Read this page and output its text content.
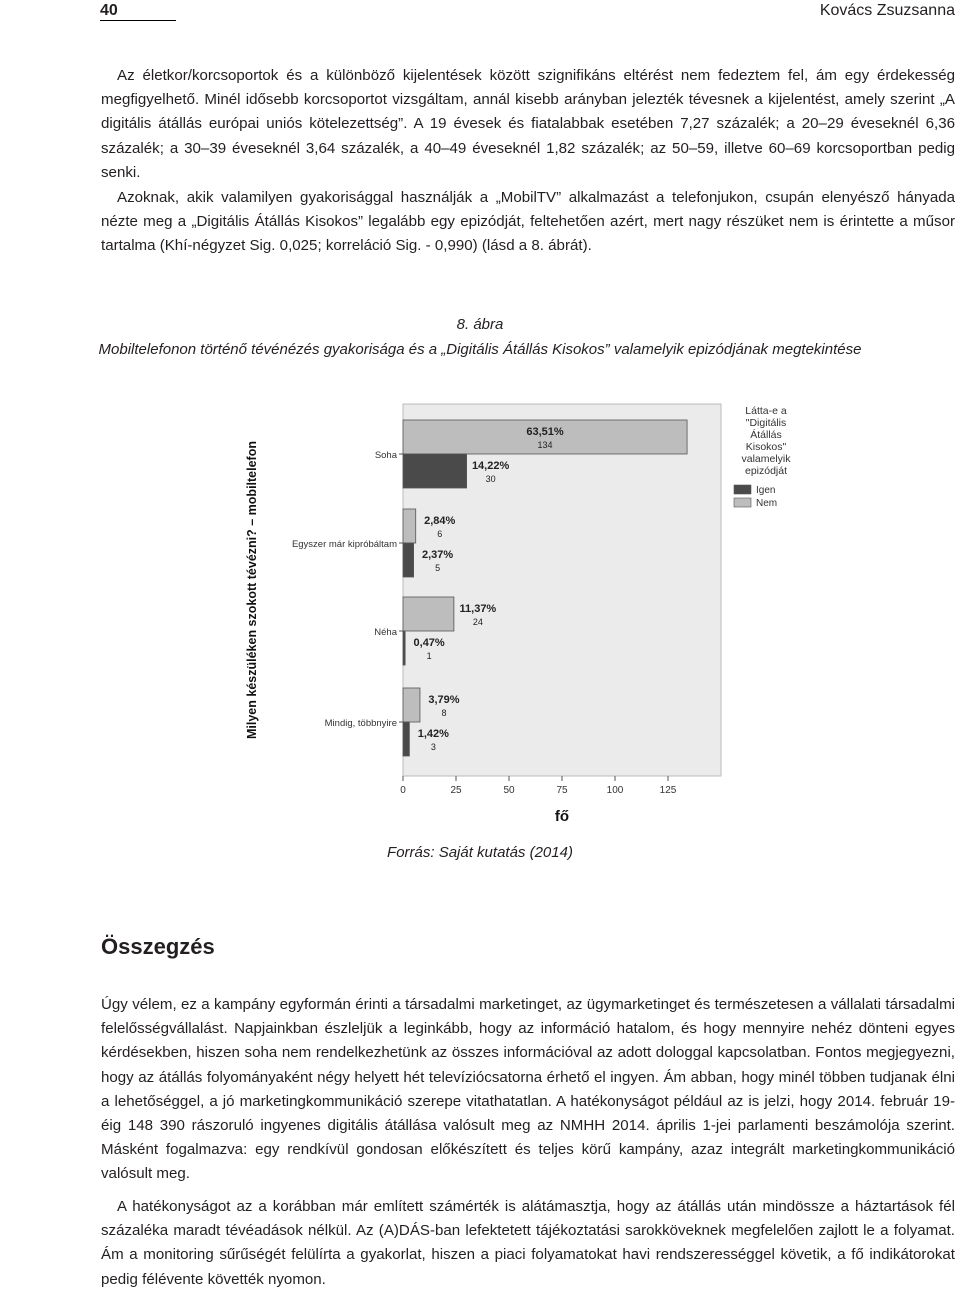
40	Kovács Zsuzsanna

Az életkor/korcsoportok és a különböző kijelentések között szignifikáns eltérést nem fedeztem fel, ám egy érdekesség megfigyelhető. Minél idősebb korcsoportot vizsgáltam, annál kisebb arányban jelezték tévesnek a kijelentést, amely szerint „A digitális átállás európai uniós kötelezettség”. A 19 évesek és fiatalabbak esetében 7,27 százalék; a 20–29 éveseknél 6,36 százalék; a 30–39 éveseknél 3,64 százalék, a 40–49 éveseknél 1,82 százalék; az 50–59, illetve 60–69 korcsoportban pedig senki.

Azoknak, akik valamilyen gyakorisággal használják a „MobilTV” alkalmazást a telefonjukon, csupán elenyésző hányada nézte meg a „Digitális Átállás Kisokos” legalább egy epizódját, feltehetően azért, mert nagy részüket nem is érintette a műsor tartalma (Khí-négyzet Sig. 0,025; korreláció Sig. - 0,990) (lásd a 8. ábrát).

8. ábra
Mobiltelefonon történő tévénézés gyakorisága és a „Digitális Átállás Kisokos” valamelyik epizódjának megtekintése
63,51%
134
14,22%
30
2,84%
6
2,37%
5
11,37%
24
0,47%
1
3,79%
8
1,42%
3
Soha
Egyszer már kipróbáltam
Néha
Mindig, többnyire
0	25	50	75	100	125
Milyen készüléken szokott tévézni? – mobiltelefon
fő
Látta-e a "Digitális Átállás Kisokos" valamelyik epizódját
Igen
Nem
Forrás: Saját kutatás (2014)
Összegzés

Úgy vélem, ez a kampány egyformán érinti a társadalmi marketinget, az ügymarketinget és természetesen a vállalati társadalmi felelősségvállalást. Napjainkban észleljük a leginkább, hogy az információ hatalom, és hogy mennyire nehéz dönteni egyes kérdésekben, hiszen soha nem rendelkezhetünk az összes információval az adott dologgal kapcsolatban. Fontos megjegyezni, hogy az átállás folyományaként négy helyett hét televíziócsatorna érhető el ingyen. Ám abban, hogy minél többen tudjanak élni a lehetőséggel, a jó marketingkommunikáció szerepe vitathatatlan. A hatékonyságot például az is jelzi, hogy 2014. február 19-éig 148 390 rászoruló ingyenes digitális átállása valósult meg az NMHH 2014. április 1-jei parlamenti beszámolója szerint. Másként fogalmazva: egy rendkívül gondosan előkészített és teljes körű kampány, azaz integrált marketingkommunikáció valósult meg.

A hatékonyságot az a korábban már említett számérték is alátámasztja, hogy az átállás után mindössze a háztartások fél százaléka maradt tévéadások nélkül. Az (A)DÁS-ban lefektetett tájékoztatási sarokköveknek megfelelően zajlott le a folyamat. Ám a monitoring sűrűségét felülírta a gyakorlat, hiszen a piaci folyamatokat havi rendszerességgel követik, a fő indikátorokat pedig félévente követték nyomon.
